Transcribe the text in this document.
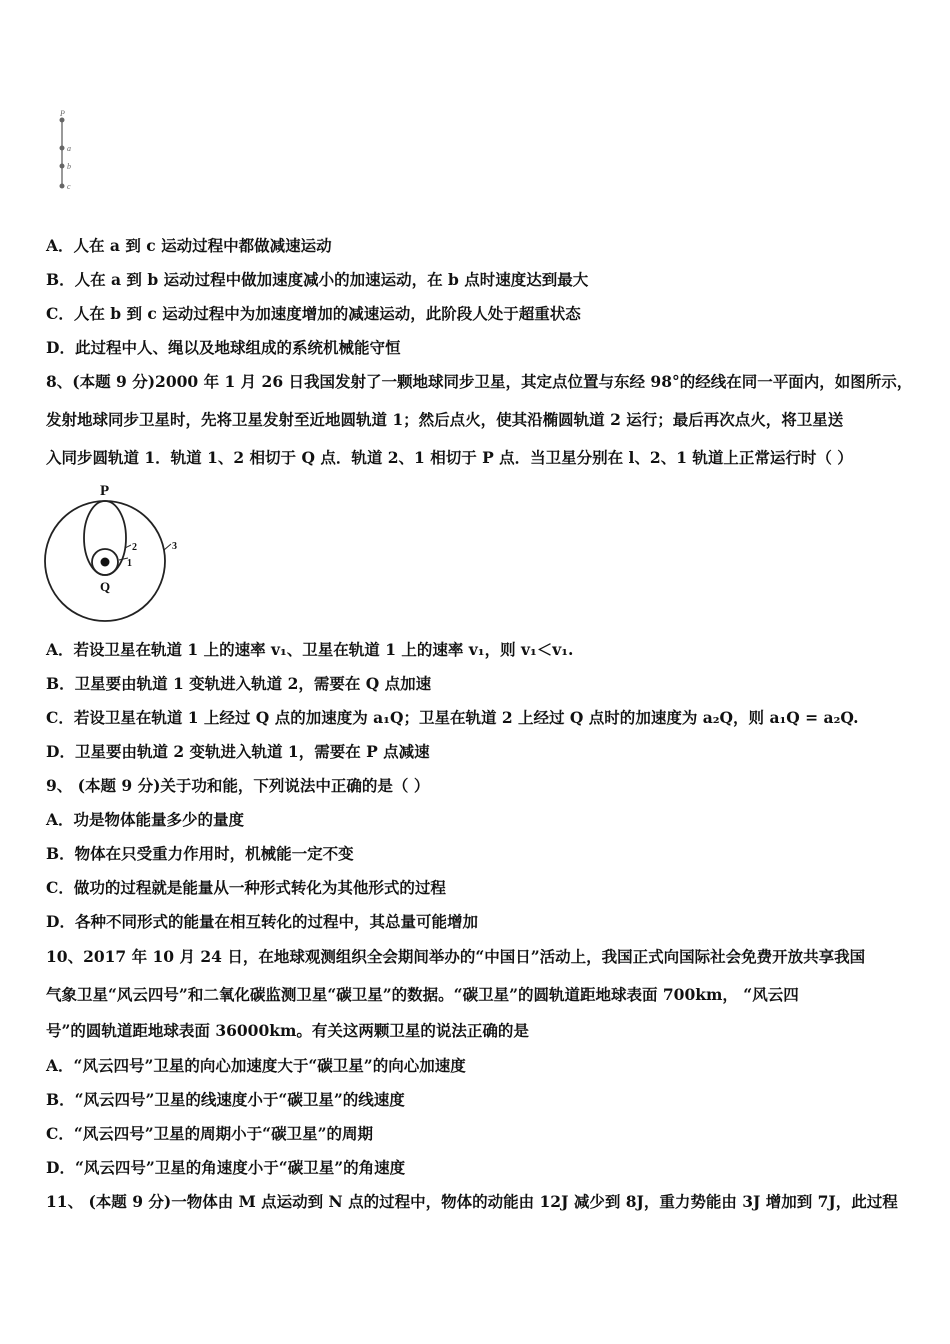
P
a
b
c
A．人在 a 到 c 运动过程中都做减速运动
B．人在 a 到 b 运动过程中做加速度减小的加速运动，在 b 点时速度达到最大
C．人在 b 到 c 运动过程中为加速度增加的减速运动，此阶段人处于超重状态
D．此过程中人、绳以及地球组成的系统机械能守恒
8、(本题 9 分)2000 年 1 月 26 日我国发射了一颗地球同步卫星，其定点位置与东经 98°的经线在同一平面内，如图所示，
发射地球同步卫星时，先将卫星发射至近地圆轨道 1；然后点火，使其沿椭圆轨道 2 运行；最后再次点火，将卫星送
入同步圆轨道 1．轨道 1、2 相切于 Q 点．轨道 2、1 相切于 P 点．当卫星分别在 l、2、1 轨道上正常运行时（ ）
P
Q
1
2	3
A．若设卫星在轨道 1 上的速率 v₁、卫星在轨道 1 上的速率 v₁，则 v₁＜v₁.
B．卫星要由轨道 1 变轨进入轨道 2，需要在 Q 点加速
C．若设卫星在轨道 1 上经过 Q 点的加速度为 a₁Q；卫星在轨道 2 上经过 Q 点时的加速度为 a₂Q，则 a₁Q = a₂Q.
D．卫星要由轨道 2 变轨进入轨道 1，需要在 P 点减速
9、 (本题 9 分)关于功和能，下列说法中正确的是（ ）
A．功是物体能量多少的量度
B．物体在只受重力作用时，机械能一定不变
C．做功的过程就是能量从一种形式转化为其他形式的过程
D．各种不同形式的能量在相互转化的过程中，其总量可能增加
10、2017 年 10 月 24 日，在地球观测组织全会期间举办的“中国日”活动上，我国正式向国际社会免费开放共享我国
气象卫星“风云四号”和二氧化碳监测卫星“碳卫星”的数据。“碳卫星”的圆轨道距地球表面 700km， “风云四
号”的圆轨道距地球表面 36000km。有关这两颗卫星的说法正确的是
A．“风云四号”卫星的向心加速度大于“碳卫星”的向心加速度
B．“风云四号”卫星的线速度小于“碳卫星”的线速度
C．“风云四号”卫星的周期小于“碳卫星”的周期
D．“风云四号”卫星的角速度小于“碳卫星”的角速度
11、 (本题 9 分)一物体由 M 点运动到 N 点的过程中，物体的动能由 12J 减少到 8J，重力势能由 3J 增加到 7J，此过程
